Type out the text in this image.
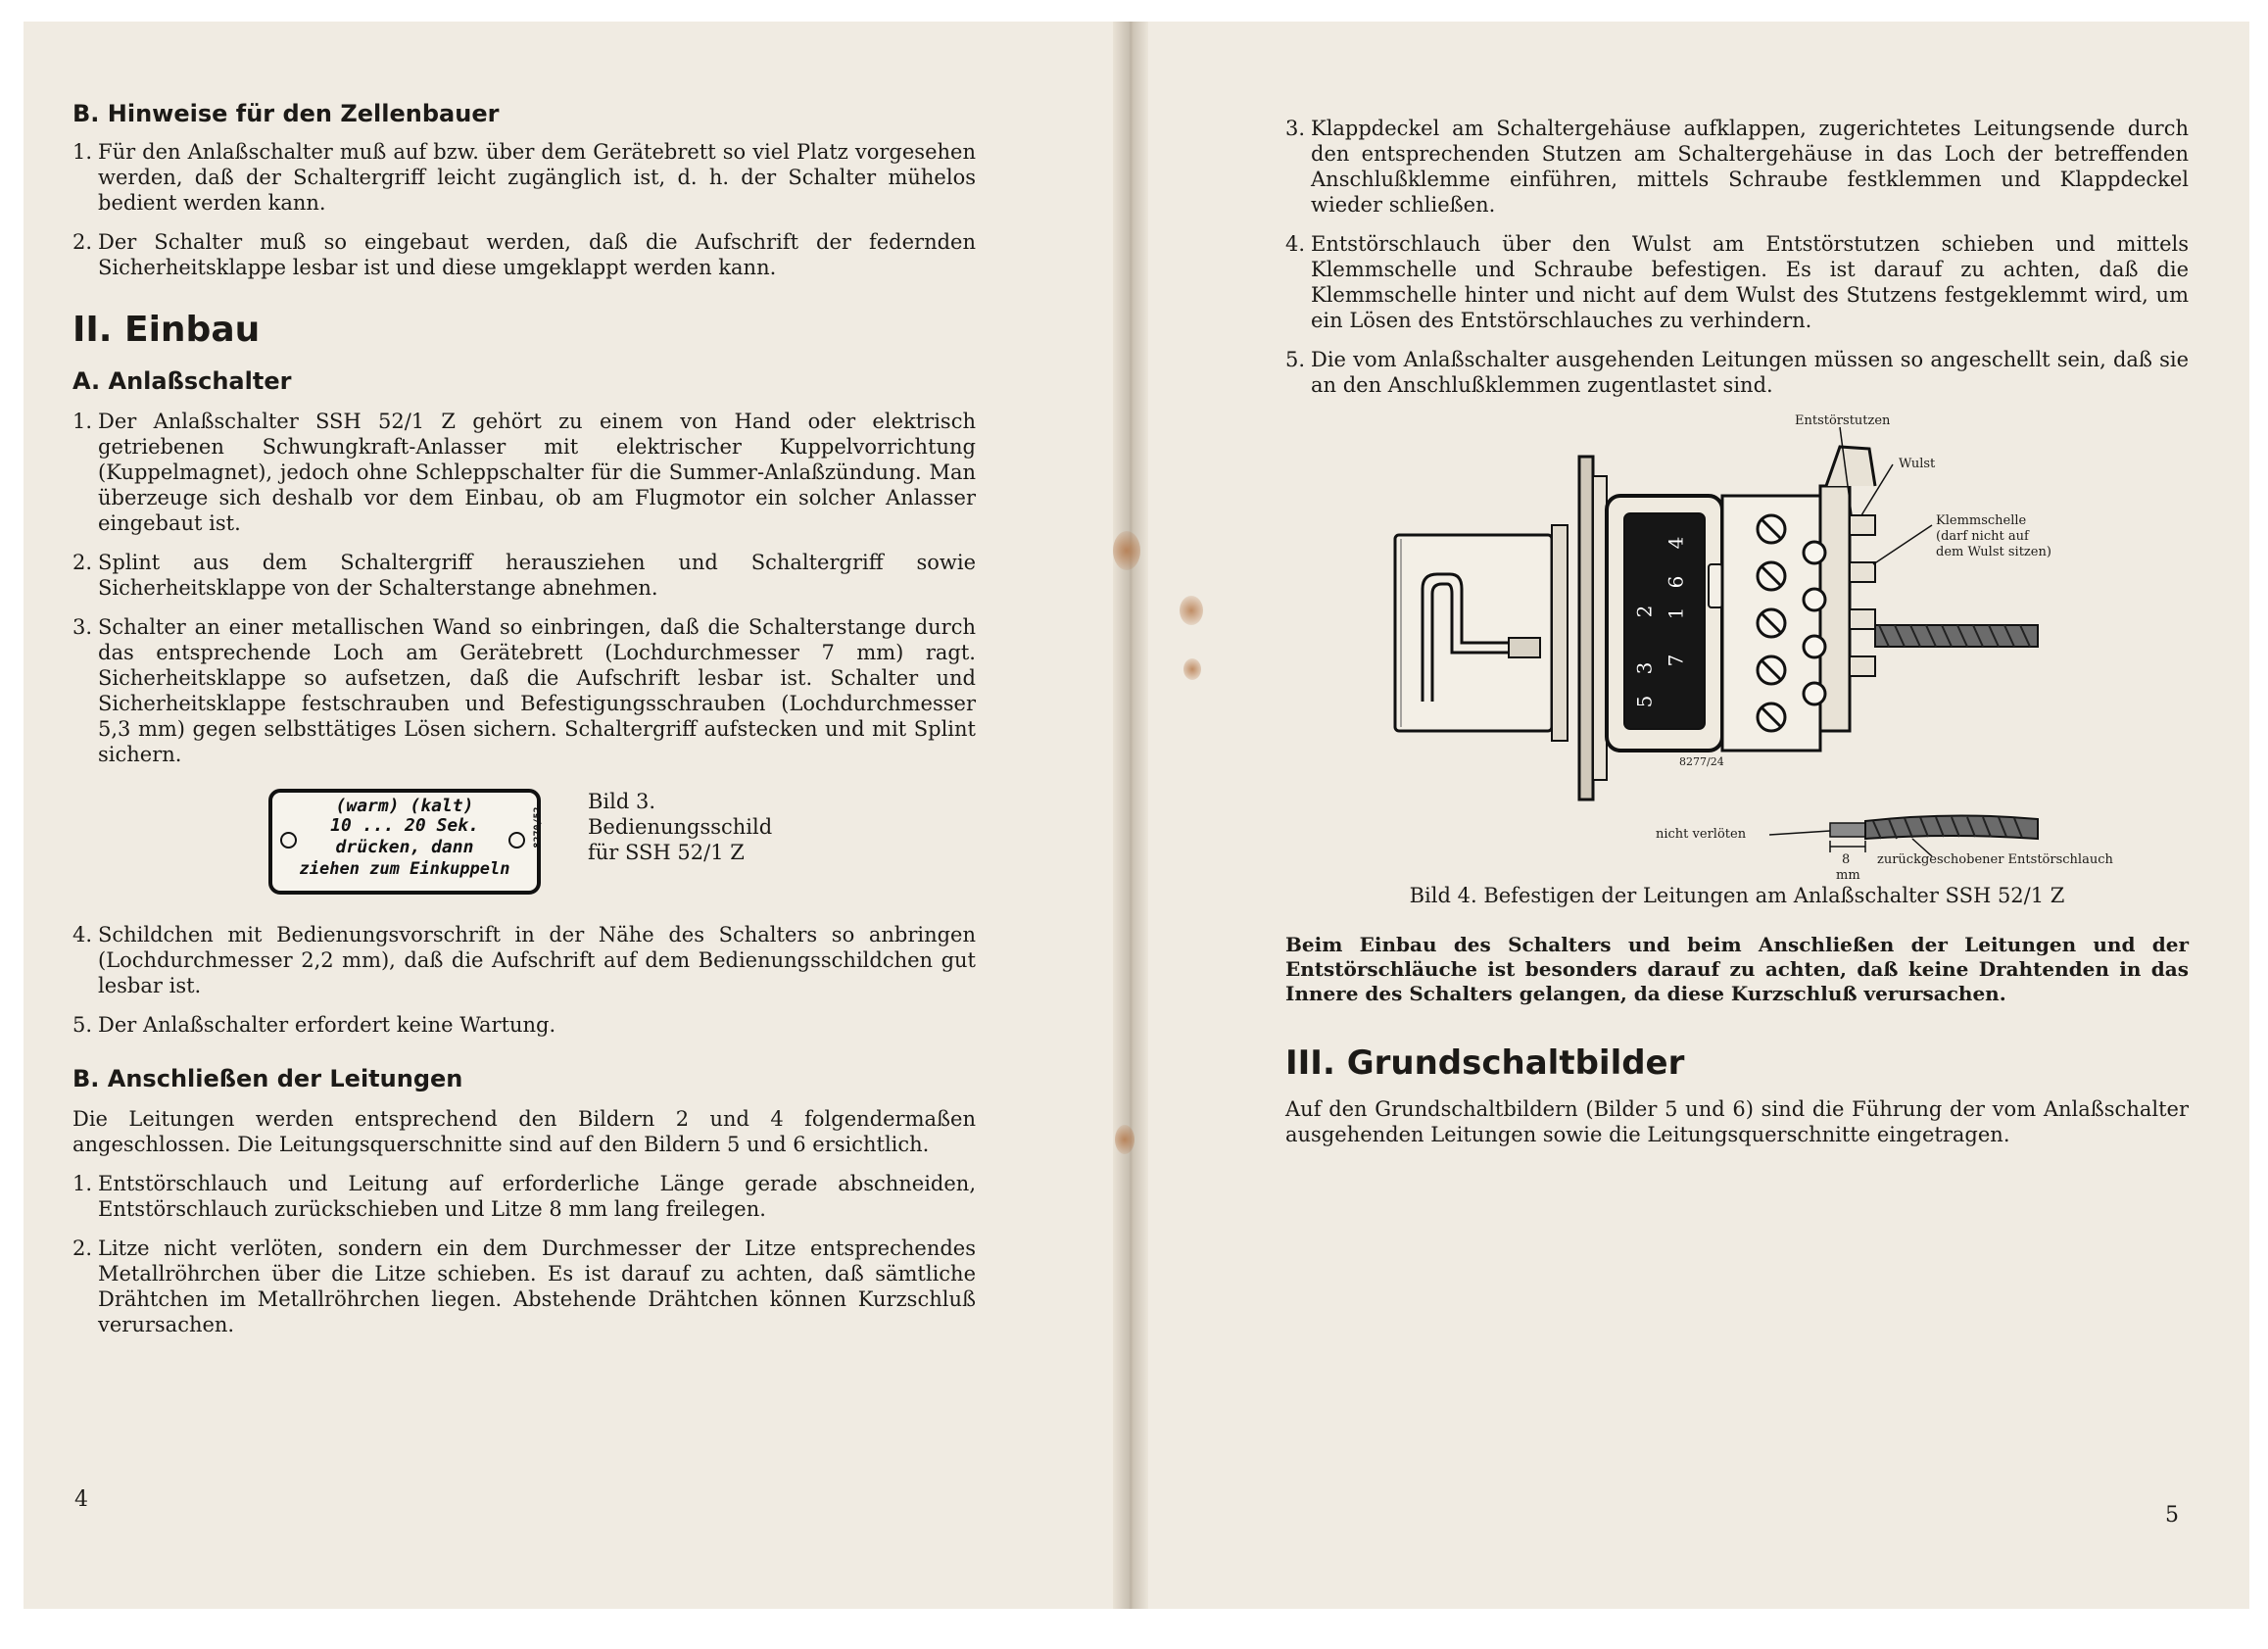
B. Hinweise für den Zellenbauer
1. Für den Anlaßschalter muß auf bzw. über dem Gerätebrett so viel Platz vorgesehen werden, daß der Schaltergriff leicht zugänglich ist, d. h. der Schalter mühelos bedient werden kann.
2. Der Schalter muß so eingebaut werden, daß die Aufschrift der federnden Sicherheitsklappe lesbar ist und diese umgeklappt werden kann.
II. Einbau
A. Anlaßschalter
1. Der Anlaßschalter SSH 52/1 Z gehört zu einem von Hand oder elektrisch getriebenen Schwungkraft-Anlasser mit elektrischer Kuppelvorrichtung (Kuppelmagnet), jedoch ohne Schleppschalter für die Summer-Anlaßzündung. Man überzeuge sich deshalb vor dem Einbau, ob am Flugmotor ein solcher Anlasser eingebaut ist.
2. Splint aus dem Schaltergriff herausziehen und Schaltergriff sowie Sicherheitsklappe von der Schalterstange abnehmen.
3. Schalter an einer metallischen Wand so einbringen, daß die Schalterstange durch das entsprechende Loch am Gerätebrett (Lochdurchmesser 7 mm) ragt. Sicherheitsklappe so aufsetzen, daß die Aufschrift lesbar ist. Schalter und Sicherheitsklappe festschrauben und Befestigungsschrauben (Lochdurchmesser 5,3 mm) gegen selbsttätiges Lösen sichern. Schaltergriff aufstecken und mit Splint sichern.
(warm) (kalt)
10 ... 20 Sek.
drücken, dann
ziehen zum Einkuppeln
8270/52
Bild 3.
Bedienungsschild
für SSH 52/1 Z
4. Schildchen mit Bedienungsvorschrift in der Nähe des Schalters so anbringen (Lochdurchmesser 2,2 mm), daß die Aufschrift auf dem Bedienungsschildchen gut lesbar ist.
5. Der Anlaßschalter erfordert keine Wartung.
B. Anschließen der Leitungen

Die Leitungen werden entsprechend den Bildern 2 und 4 folgendermaßen angeschlossen. Die Leitungsquerschnitte sind auf den Bildern 5 und 6 ersichtlich.

1. Entstörschlauch und Leitung auf erforderliche Länge gerade abschneiden, Entstörschlauch zurückschieben und Litze 8 mm lang freilegen.
2. Litze nicht verlöten, sondern ein dem Durchmesser der Litze entsprechendes Metallröhrchen über die Litze schieben. Es ist darauf zu achten, daß sämtliche Drähtchen im Metallröhrchen liegen. Abstehende Drähtchen können Kurzschluß verursachen.
4
3. Klappdeckel am Schaltergehäuse aufklappen, zugerichtetes Leitungsende durch den entsprechenden Stutzen am Schaltergehäuse in das Loch der betreffenden Anschlußklemme einführen, mittels Schraube festklemmen und Klappdeckel wieder schließen.
4. Entstörschlauch über den Wulst am Entstörstutzen schieben und mittels Klemmschelle und Schraube befestigen. Es ist darauf zu achten, daß die Klemmschelle hinter und nicht auf dem Wulst des Stutzens festgeklemmt wird, um ein Lösen des Entstörschlauches zu verhindern.
5. Die vom Anlaßschalter ausgehenden Leitungen müssen so angeschellt sein, daß sie an den Anschlußklemmen zugentlastet sind.
Entstörstutzen
Wulst
Klemmschelle
(darf nicht auf
dem Wulst sitzen)
8277/24
nicht verlöten
8
mm
zurückgeschobener Entstörschlauch
4
6
2 1
7
3
5
Bild 4. Befestigen der Leitungen am Anlaßschalter SSH 52/1 Z

Beim Einbau des Schalters und beim Anschließen der Leitungen und der Entstörschläuche ist besonders darauf zu achten, daß keine Drahtenden in das Innere des Schalters gelangen, da diese Kurzschluß verursachen.

III. Grundschaltbilder

Auf den Grundschaltbildern (Bilder 5 und 6) sind die Führung der vom Anlaßschalter ausgehenden Leitungen sowie die Leitungsquerschnitte eingetragen.

5
